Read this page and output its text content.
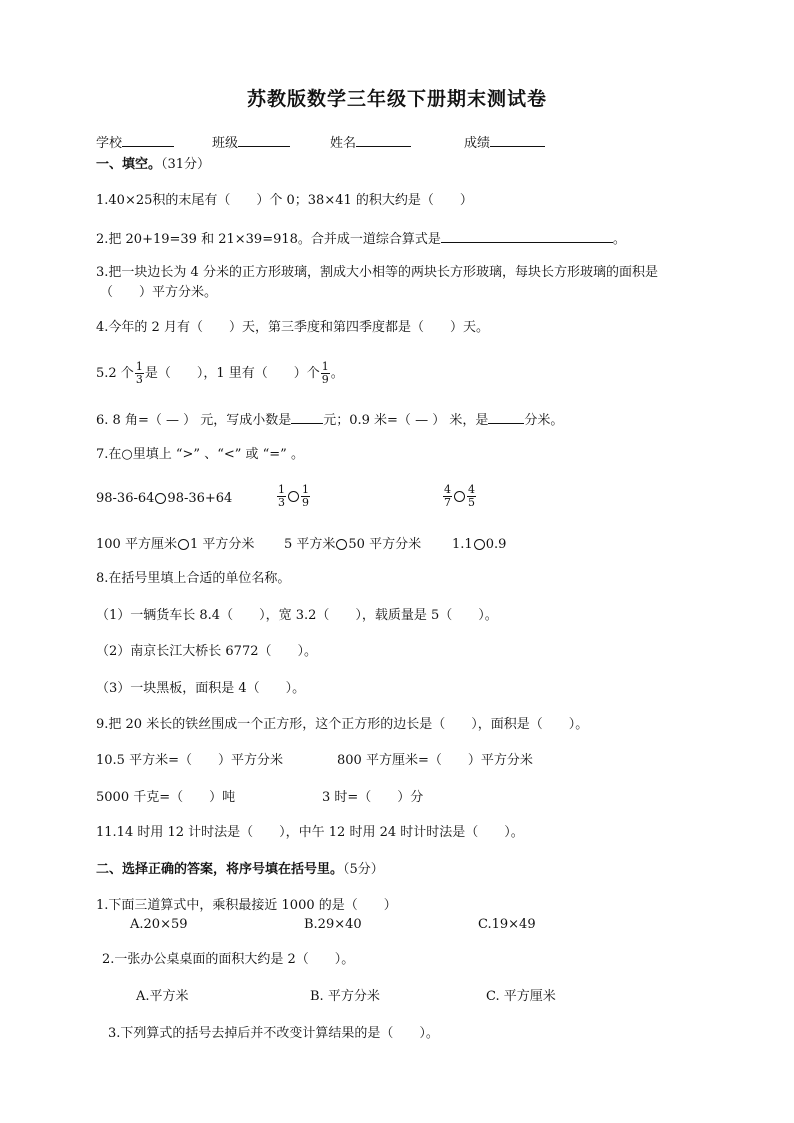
苏教版数学三年级下册期末测试卷
学校	班级	姓名	成绩
一、填空。（31分）
1.40×25积的末尾有（　　）个 0；38×41 的积大约是（　　）
2.把 20+19=39 和 21×39=918。合并成一道综合算式是	。
3.把一块边长为 4 分米的正方形玻璃，割成大小相等的两块长方形玻璃，每块长方形玻璃的面积是
（　　）平方分米。
4.今年的 2 月有（　　）天，第三季度和第四季度都是（　　）天。
5.2 个 $\frac{1}{3}$ 是（　　），1 里有（　　）个 $\frac{1}{9}$ 。
6. 8 角=（ — ） 元，写成小数是 元；0.9 米=（ — ） 米，是	分米。
7.在○里填上 “>” 、“<” 或 “=” 。
98-36-64 98-36+64	$\frac{1}{3} \frac{1}{9}$	$\frac{4}{7} \frac{4}{5}$
100 平方厘米 1 平方分米 5 平方米 50 平方分米 1.1 0.9
8.在括号里填上合适的单位名称。
（1）一辆货车长 8.4（　　），宽 3.2（　　），载质量是 5（　　）。
（2）南京长江大桥长 6772（　　）。
（3）一块黑板，面积是 4（　　）。
9.把 20 米长的铁丝围成一个正方形，这个正方形的边长是（　　），面积是（　　）。
10.5 平方米=（　　）平方分米	800 平方厘米=（　　）平方分米
5000 千克=（　　）吨	3 时=（　　）分
11.14 时用 12 计时法是（　　），中午 12 时用 24 时计时法是（　　）。
二、选择正确的答案，将序号填在括号里。（5分）
1.下面三道算式中，乘积最接近 1000 的是（　　）
A.20×59	B.29×40	C.19×49
2.一张办公桌桌面的面积大约是 2（　　）。
A.平方米	B. 平方分米	C. 平方厘米
3.下列算式的括号去掉后并不改变计算结果的是（　　）。
